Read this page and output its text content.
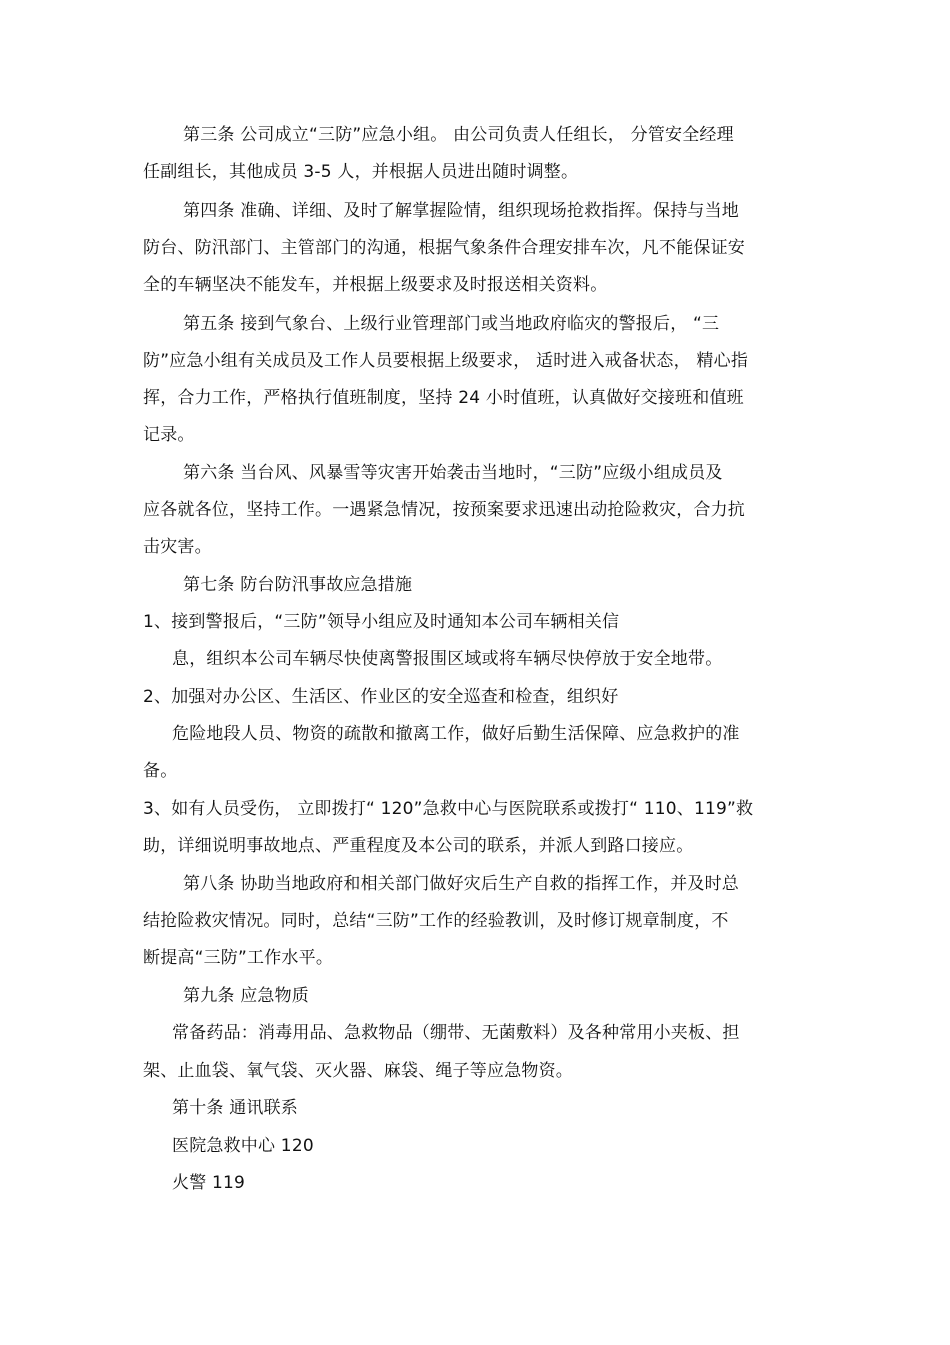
第三条 公司成立“三防”应急小组。 由公司负责人任组长， 分管安全经理
任副组长，其他成员 3-5 人，并根据人员进出随时调整。
第四条 准确、详细、及时了解掌握险情，组织现场抢救指挥。保持与当地
防台、防汛部门、主管部门的沟通，根据气象条件合理安排车次，凡不能保证安
全的车辆坚决不能发车，并根据上级要求及时报送相关资料。
第五条 接到气象台、上级行业管理部门或当地政府临灾的警报后， “三
防”应急小组有关成员及工作人员要根据上级要求， 适时进入戒备状态， 精心指
挥，合力工作，严格执行值班制度，坚持 24 小时值班，认真做好交接班和值班
记录。
第六条 当台风、风暴雪等灾害开始袭击当地时，“三防”应级小组成员及
应各就各位，坚持工作。一遇紧急情况，按预案要求迅速出动抢险救灾，合力抗
击灾害。
第七条 防台防汛事故应急措施
1、接到警报后，“三防”领导小组应及时通知本公司车辆相关信
息，组织本公司车辆尽快使离警报围区域或将车辆尽快停放于安全地带。
2、加强对办公区、生活区、作业区的安全巡查和检查，组织好
危险地段人员、物资的疏散和撤离工作，做好后勤生活保障、应急救护的准
备。
3、如有人员受伤， 立即拨打“ 120”急救中心与医院联系或拨打“ 110、119”救
助，详细说明事故地点、严重程度及本公司的联系，并派人到路口接应。
第八条 协助当地政府和相关部门做好灾后生产自救的指挥工作，并及时总
结抢险救灾情况。同时，总结“三防”工作的经验教训，及时修订规章制度，不
断提高“三防”工作水平。
第九条 应急物质
常备药品：消毒用品、急救物品（绷带、无菌敷料）及各种常用小夹板、担
架、止血袋、氧气袋、灭火器、麻袋、绳子等应急物资。
第十条 通讯联系
医院急救中心 120
火警 119
